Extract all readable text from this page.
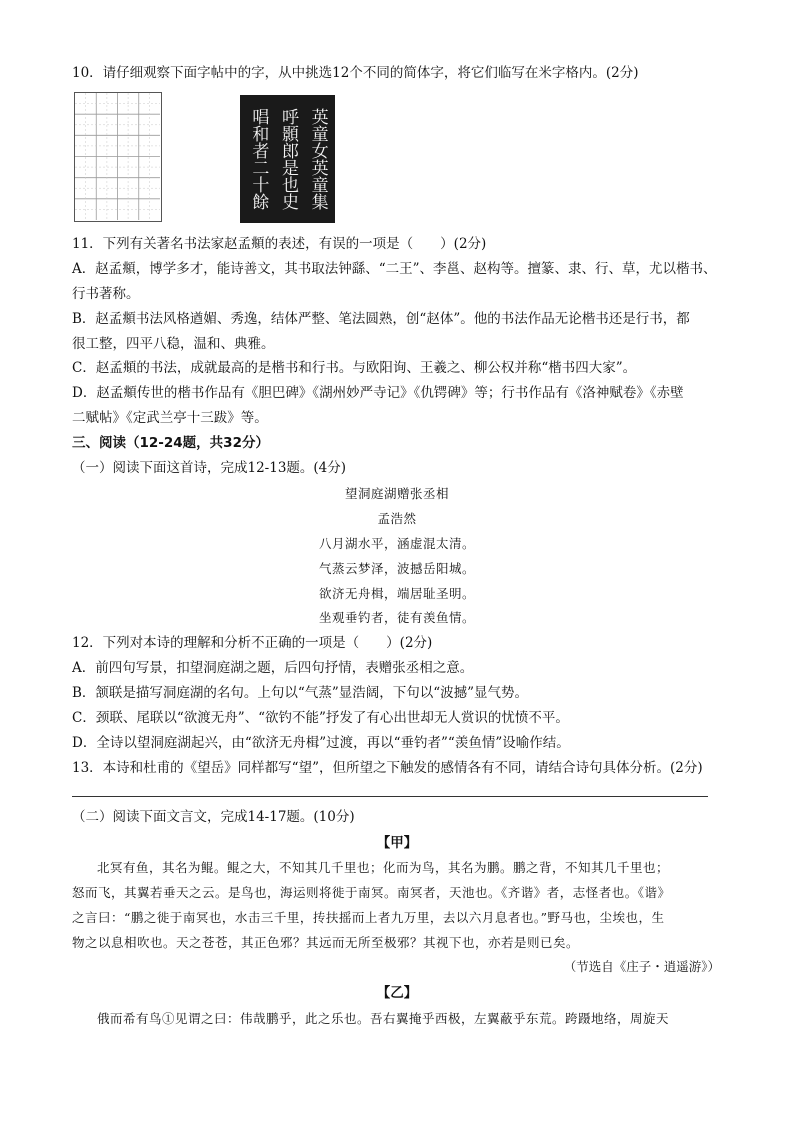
10．请仔细观察下面字帖中的字，从中挑选12个不同的简体字，将它们临写在米字格内。(2分)
英童女英童集
呼顥郎是也史
唱和者二十餘
11．下列有关著名书法家赵孟頫的表述，有误的一项是（　　）(2分)
A．赵孟頫，博学多才，能诗善文，其书取法钟繇、“二王”、李邕、赵构等。擅篆、隶、行、草，尤以楷书、
行书著称。
B．赵孟頫书法风格遒媚、秀逸，结体严整、笔法圆熟，创“赵体”。他的书法作品无论楷书还是行书，都
很工整，四平八稳，温和、典雅。
C．赵孟頫的书法，成就最高的是楷书和行书。与欧阳询、王羲之、柳公权并称“楷书四大家”。
D．赵孟頫传世的楷书作品有《胆巴碑》《湖州妙严寺记》《仇锷碑》等；行书作品有《洛神赋卷》《赤壁
二赋帖》《定武兰亭十三跋》等。
三、阅读（12-24题，共32分）
（一）阅读下面这首诗，完成12-13题。(4分)
望洞庭湖赠张丞相
孟浩然
八月湖水平，涵虚混太清。
气蒸云梦泽，波撼岳阳城。
欲济无舟楫，端居耻圣明。
坐观垂钓者，徒有羡鱼情。
12．下列对本诗的理解和分析不正确的一项是（　　）(2分)
A．前四句写景，扣望洞庭湖之题，后四句抒情，表赠张丞相之意。
B．颔联是描写洞庭湖的名句。上句以“气蒸”显浩阔，下句以“波撼”显气势。
C．颈联、尾联以“欲渡无舟”、“欲钓不能”抒发了有心出世却无人赏识的忧愤不平。
D．全诗以望洞庭湖起兴，由“欲济无舟楫”过渡，再以“垂钓者”“羡鱼情”设喻作结。
13．本诗和杜甫的《望岳》同样都写“望”，但所望之下触发的感情各有不同，请结合诗句具体分析。(2分)
（二）阅读下面文言文，完成14-17题。(10分)
【甲】
北冥有鱼，其名为鲲。鲲之大，不知其几千里也；化而为鸟，其名为鹏。鹏之背，不知其几千里也；
怒而飞，其翼若垂天之云。是鸟也，海运则将徙于南冥。南冥者，天池也。《齐谐》者，志怪者也。《谐》
之言曰：“鹏之徙于南冥也，水击三千里，抟扶摇而上者九万里，去以六月息者也。”野马也，尘埃也，生
物之以息相吹也。天之苍苍，其正色邪？其远而无所至极邪？其视下也，亦若是则已矣。
（节选自《庄子・逍遥游》）
【乙】
俄而希有鸟①见谓之曰：伟哉鹏乎，此之乐也。吾右翼掩乎西极，左翼蔽乎东荒。跨蹑地络，周旋天
